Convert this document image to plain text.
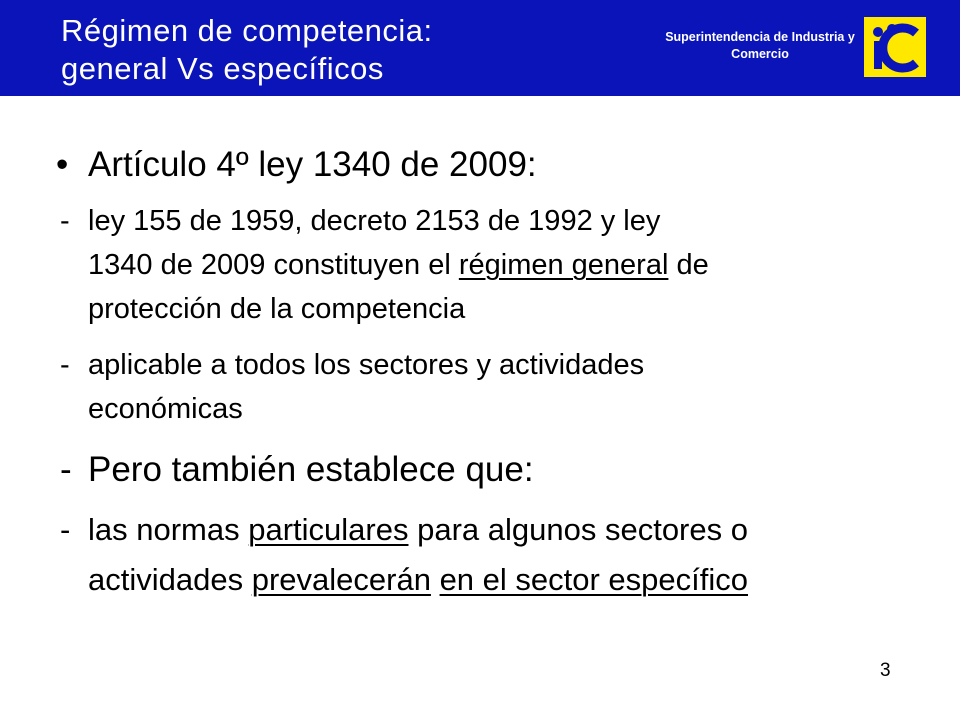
Régimen de competencia:
general Vs específicos
Superintendencia de Industria y
Comercio
• Artículo 4º ley 1340 de 2009:
- ley 155 de 1959, decreto 2153 de 1992 y ley
1340 de 2009 constituyen el régimen general de
protección de la competencia
- aplicable a todos los sectores y actividades
económicas
- Pero también establece que:
- las normas particulares para algunos sectores o
actividades prevalecerán en el sector específico
3
